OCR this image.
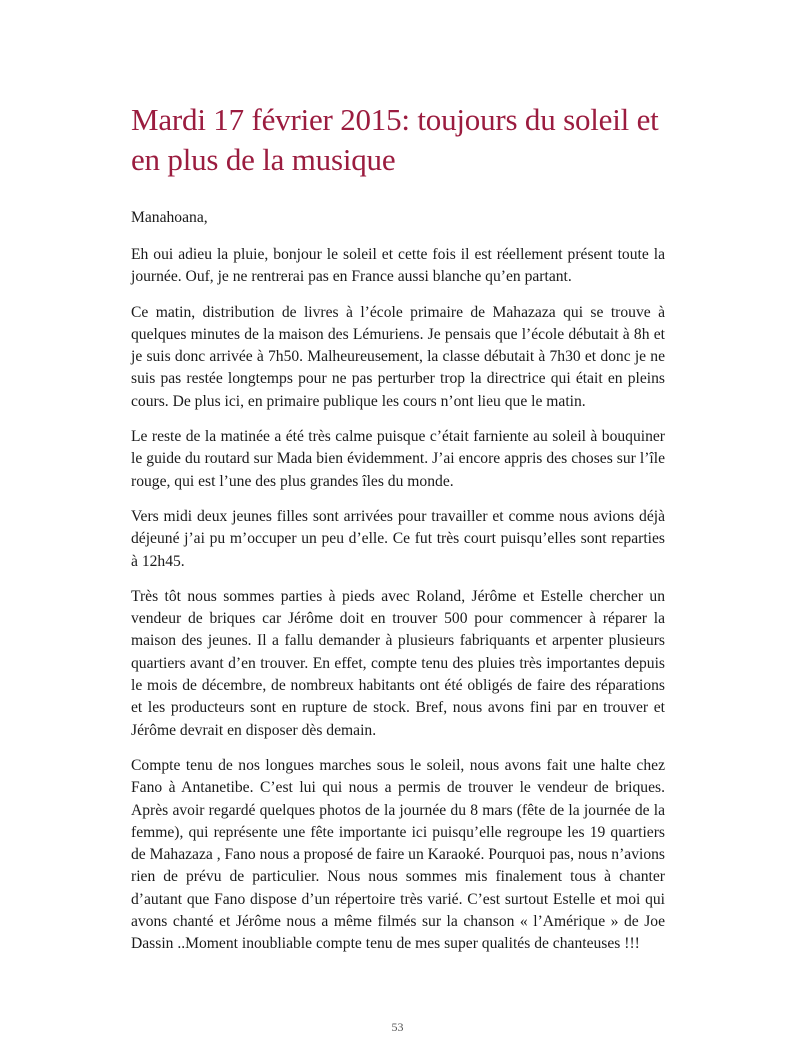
Mardi 17 février 2015: toujours du soleil et en plus de la musique

Manahoana,

Eh oui adieu la pluie, bonjour le soleil et cette fois il est réellement présent toute la journée. Ouf, je ne rentrerai pas en France aussi blanche qu’en partant.

Ce matin, distribution de livres à l’école primaire de Mahazaza qui se trouve à quelques minutes de la maison des Lémuriens. Je pensais que l’école débutait à 8h et je suis donc arrivée à 7h50. Malheureusement, la classe débutait à 7h30 et donc je ne suis pas restée longtemps pour ne pas perturber trop la directrice qui était en pleins cours. De plus ici, en primaire publique les cours n’ont lieu que le matin.

Le reste de la matinée a été très calme puisque c’était farniente au soleil à bouquiner le guide du routard sur Mada bien évidemment. J’ai encore appris des choses sur l’île rouge, qui est l’une des plus grandes îles du monde.

Vers midi deux jeunes filles sont arrivées pour travailler et comme nous avions déjà déjeuné j’ai pu m’occuper un peu d’elle. Ce fut très court puisqu’elles sont reparties à 12h45.

Très tôt nous sommes parties à pieds avec Roland, Jérôme et Estelle chercher un vendeur de briques car Jérôme doit en trouver 500 pour commencer à réparer la maison des jeunes. Il a fallu demander à plusieurs fabriquants et arpenter plusieurs quartiers avant d’en trouver. En effet, compte tenu des pluies très importantes depuis le mois de décembre, de nombreux habitants ont été obligés de faire des réparations et les producteurs sont en rupture de stock. Bref, nous avons fini par en trouver et Jérôme devrait en disposer dès demain.

Compte tenu de nos longues marches sous le soleil, nous avons fait une halte chez Fano à Antanetibe. C’est lui qui nous a permis de trouver le vendeur de briques. Après avoir regardé quelques photos de la journée du 8 mars (fête de la journée de la femme), qui représente une fête importante ici puisqu’elle regroupe les 19 quartiers de Mahazaza , Fano nous a proposé de faire un Karaoké. Pourquoi pas, nous n’avions rien de prévu de particulier. Nous nous sommes mis finalement tous à chanter d’autant que Fano dispose d’un répertoire très varié. C’est surtout Estelle et moi qui avons chanté et Jérôme nous a même filmés sur la chanson « l’Amérique » de Joe Dassin ..Moment inoubliable compte tenu de mes super qualités de chanteuses !!!

53
